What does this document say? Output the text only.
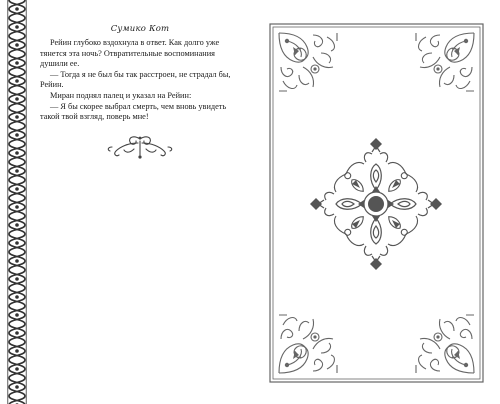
Сумико Кот

Рейин глубоко вздохнула в ответ. Как долго уже тянется эта ночь? Отвратительные воспоминания душили ее.

— Тогда я не был бы так расстроен, не страдал бы, Рейин.

Миран поднял палец и указал на Рейин:

— Я бы скорее выбрал смерть, чем вновь увидеть такой твой взгляд, поверь мне!
